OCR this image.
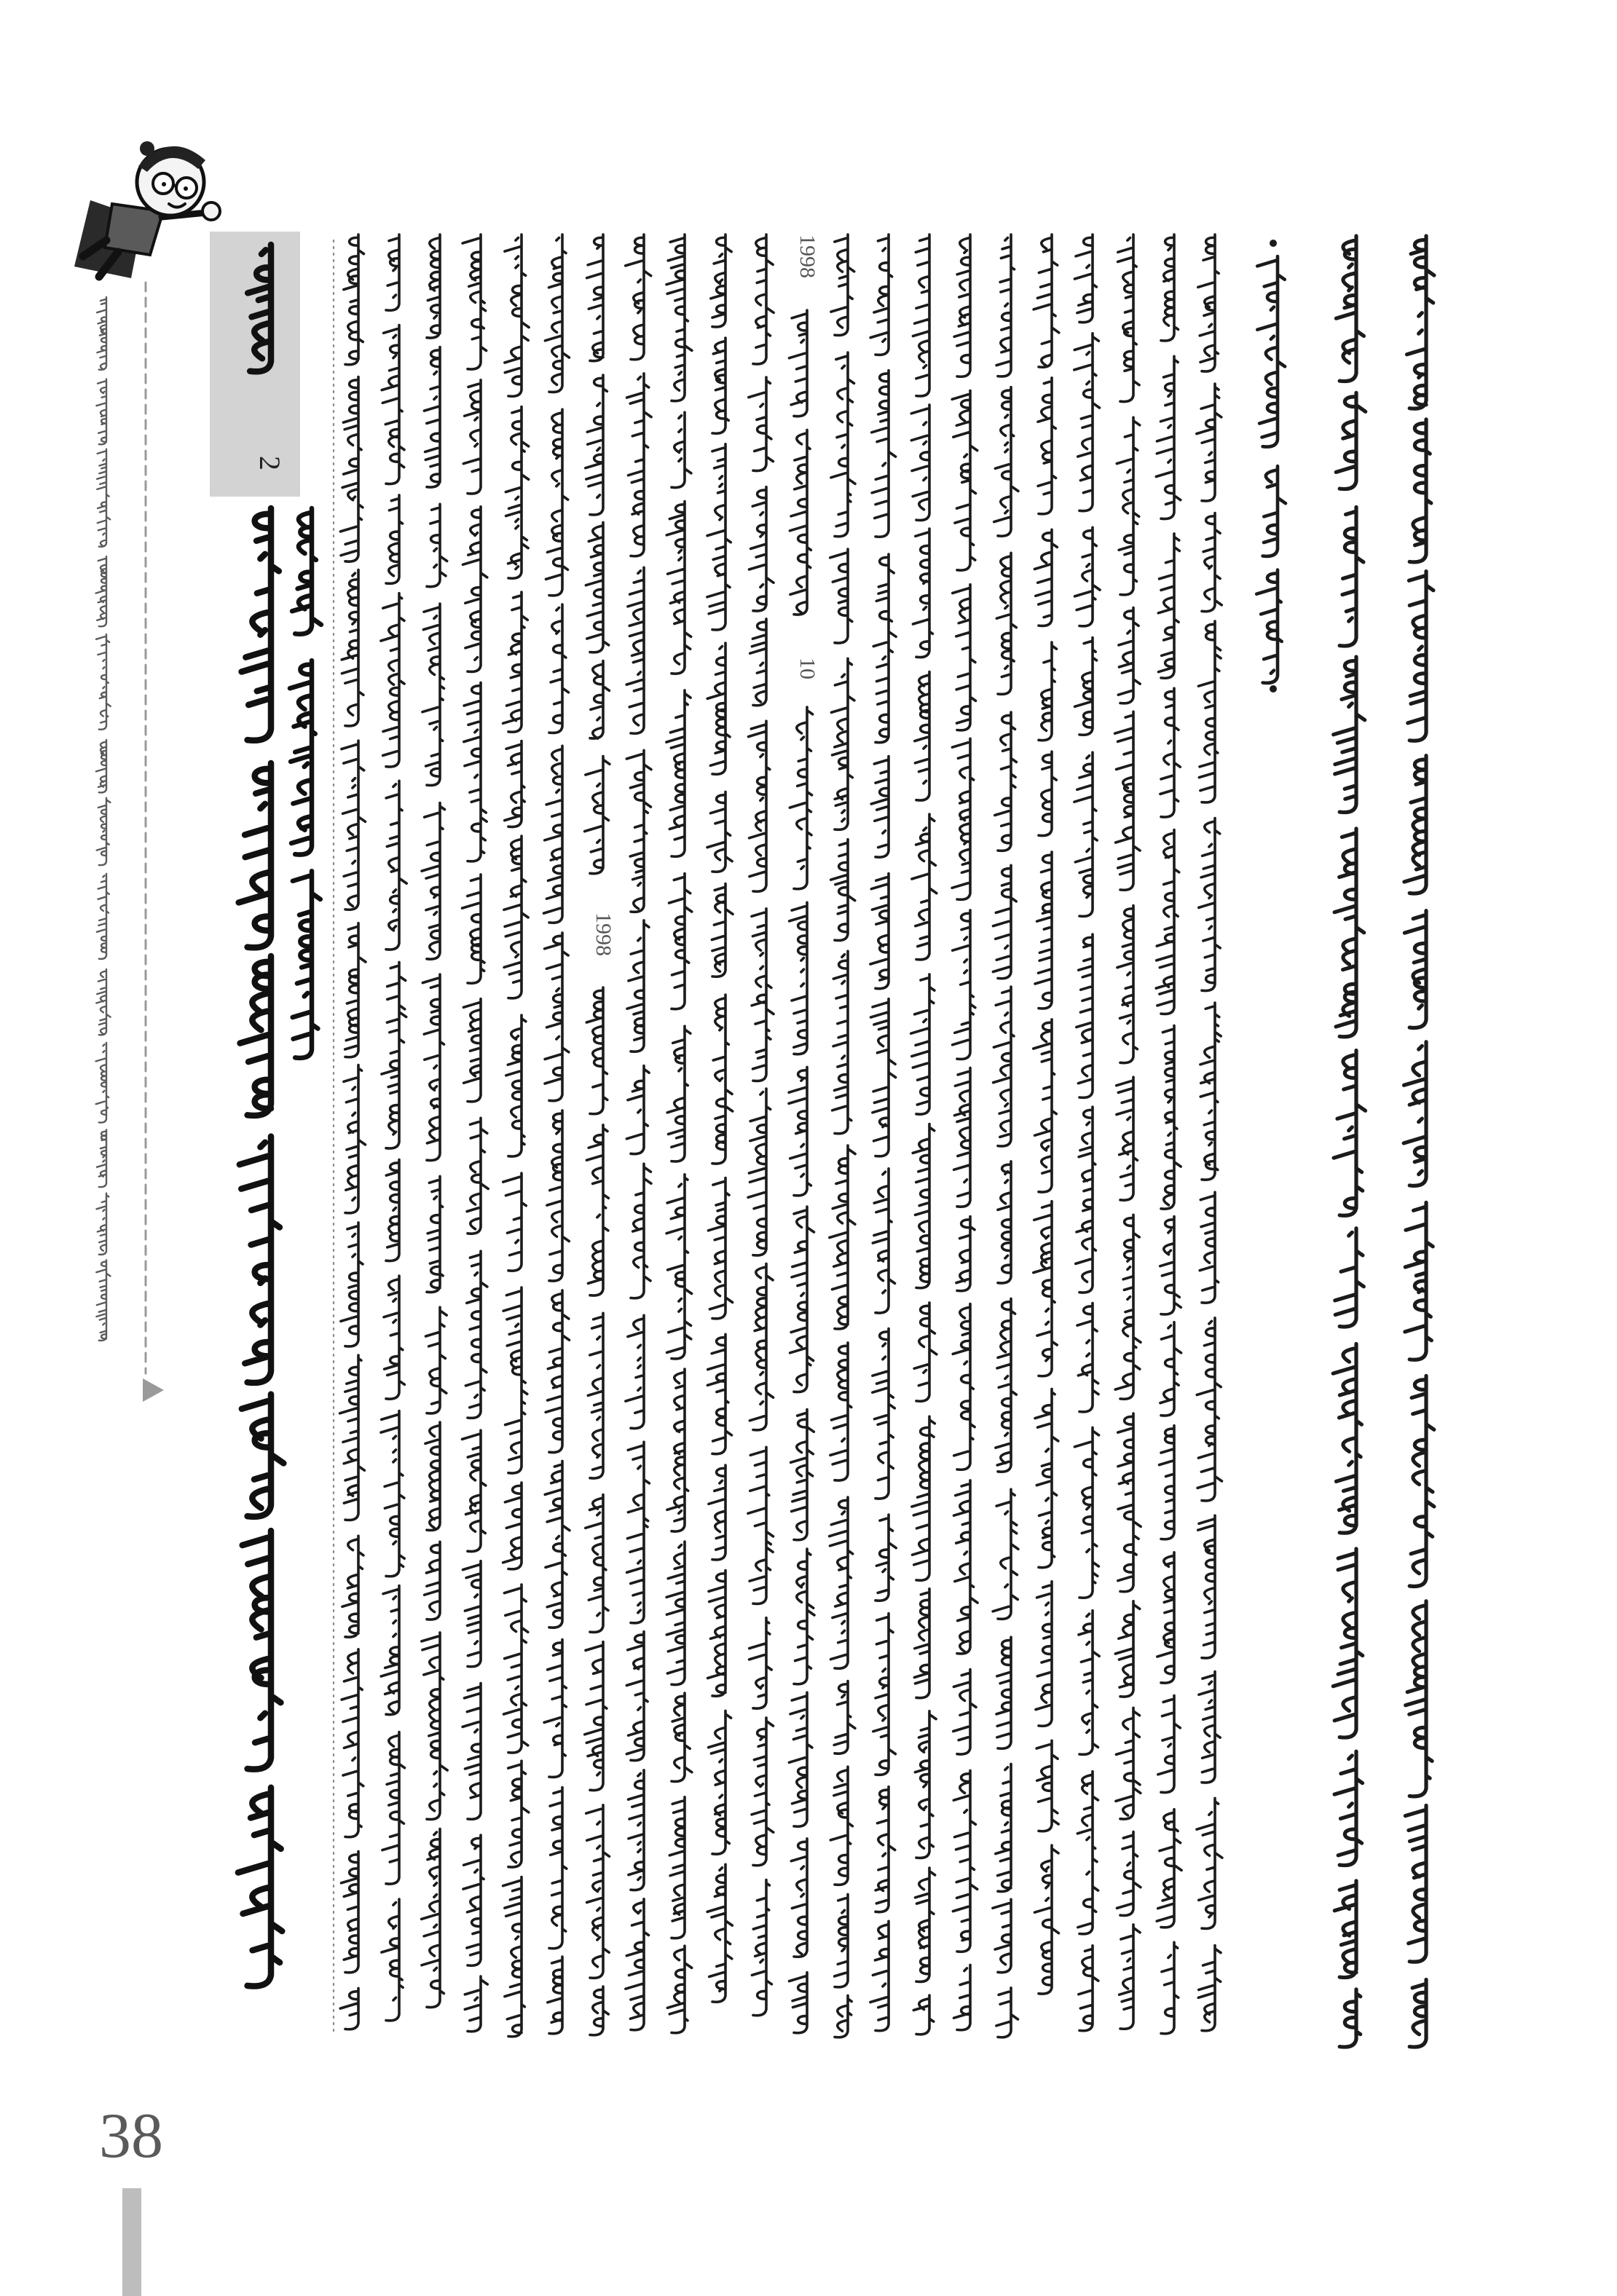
2
1998
10
1998
38
